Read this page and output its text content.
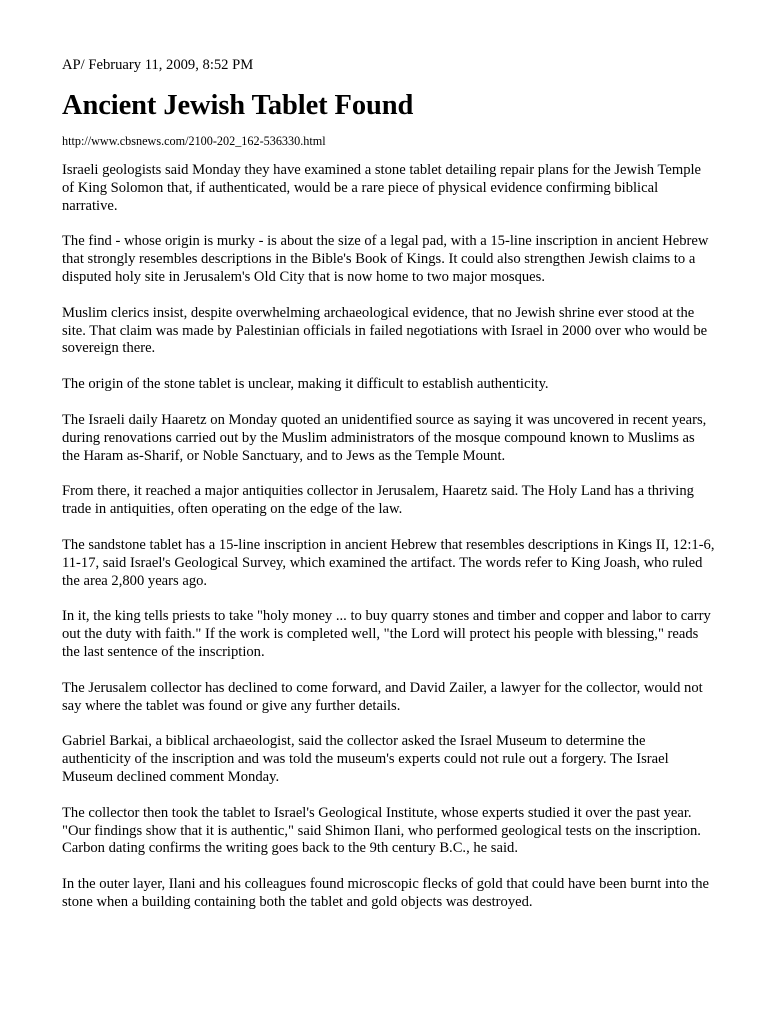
AP/ February 11, 2009, 8:52 PM

Ancient Jewish Tablet Found

http://www.cbsnews.com/2100-202_162-536330.html

Israeli geologists said Monday they have examined a stone tablet detailing repair plans for the Jewish Temple of King Solomon that, if authenticated, would be a rare piece of physical evidence confirming biblical narrative.

The find - whose origin is murky - is about the size of a legal pad, with a 15-line inscription in ancient Hebrew that strongly resembles descriptions in the Bible's Book of Kings. It could also strengthen Jewish claims to a disputed holy site in Jerusalem's Old City that is now home to two major mosques.

Muslim clerics insist, despite overwhelming archaeological evidence, that no Jewish shrine ever stood at the site. That claim was made by Palestinian officials in failed negotiations with Israel in 2000 over who would be sovereign there.

The origin of the stone tablet is unclear, making it difficult to establish authenticity.

The Israeli daily Haaretz on Monday quoted an unidentified source as saying it was uncovered in recent years, during renovations carried out by the Muslim administrators of the mosque compound known to Muslims as the Haram as-Sharif, or Noble Sanctuary, and to Jews as the Temple Mount.

From there, it reached a major antiquities collector in Jerusalem, Haaretz said. The Holy Land has a thriving trade in antiquities, often operating on the edge of the law.

The sandstone tablet has a 15-line inscription in ancient Hebrew that resembles descriptions in Kings II, 12:1-6, 11-17, said Israel's Geological Survey, which examined the artifact. The words refer to King Joash, who ruled the area 2,800 years ago.

In it, the king tells priests to take "holy money ... to buy quarry stones and timber and copper and labor to carry out the duty with faith." If the work is completed well, "the Lord will protect his people with blessing," reads the last sentence of the inscription.

The Jerusalem collector has declined to come forward, and David Zailer, a lawyer for the collector, would not say where the tablet was found or give any further details.

Gabriel Barkai, a biblical archaeologist, said the collector asked the Israel Museum to determine the authenticity of the inscription and was told the museum's experts could not rule out a forgery. The Israel Museum declined comment Monday.

The collector then took the tablet to Israel's Geological Institute, whose experts studied it over the past year. "Our findings show that it is authentic," said Shimon Ilani, who performed geological tests on the inscription. Carbon dating confirms the writing goes back to the 9th century B.C., he said.

In the outer layer, Ilani and his colleagues found microscopic flecks of gold that could have been burnt into the stone when a building containing both the tablet and gold objects was destroyed.
